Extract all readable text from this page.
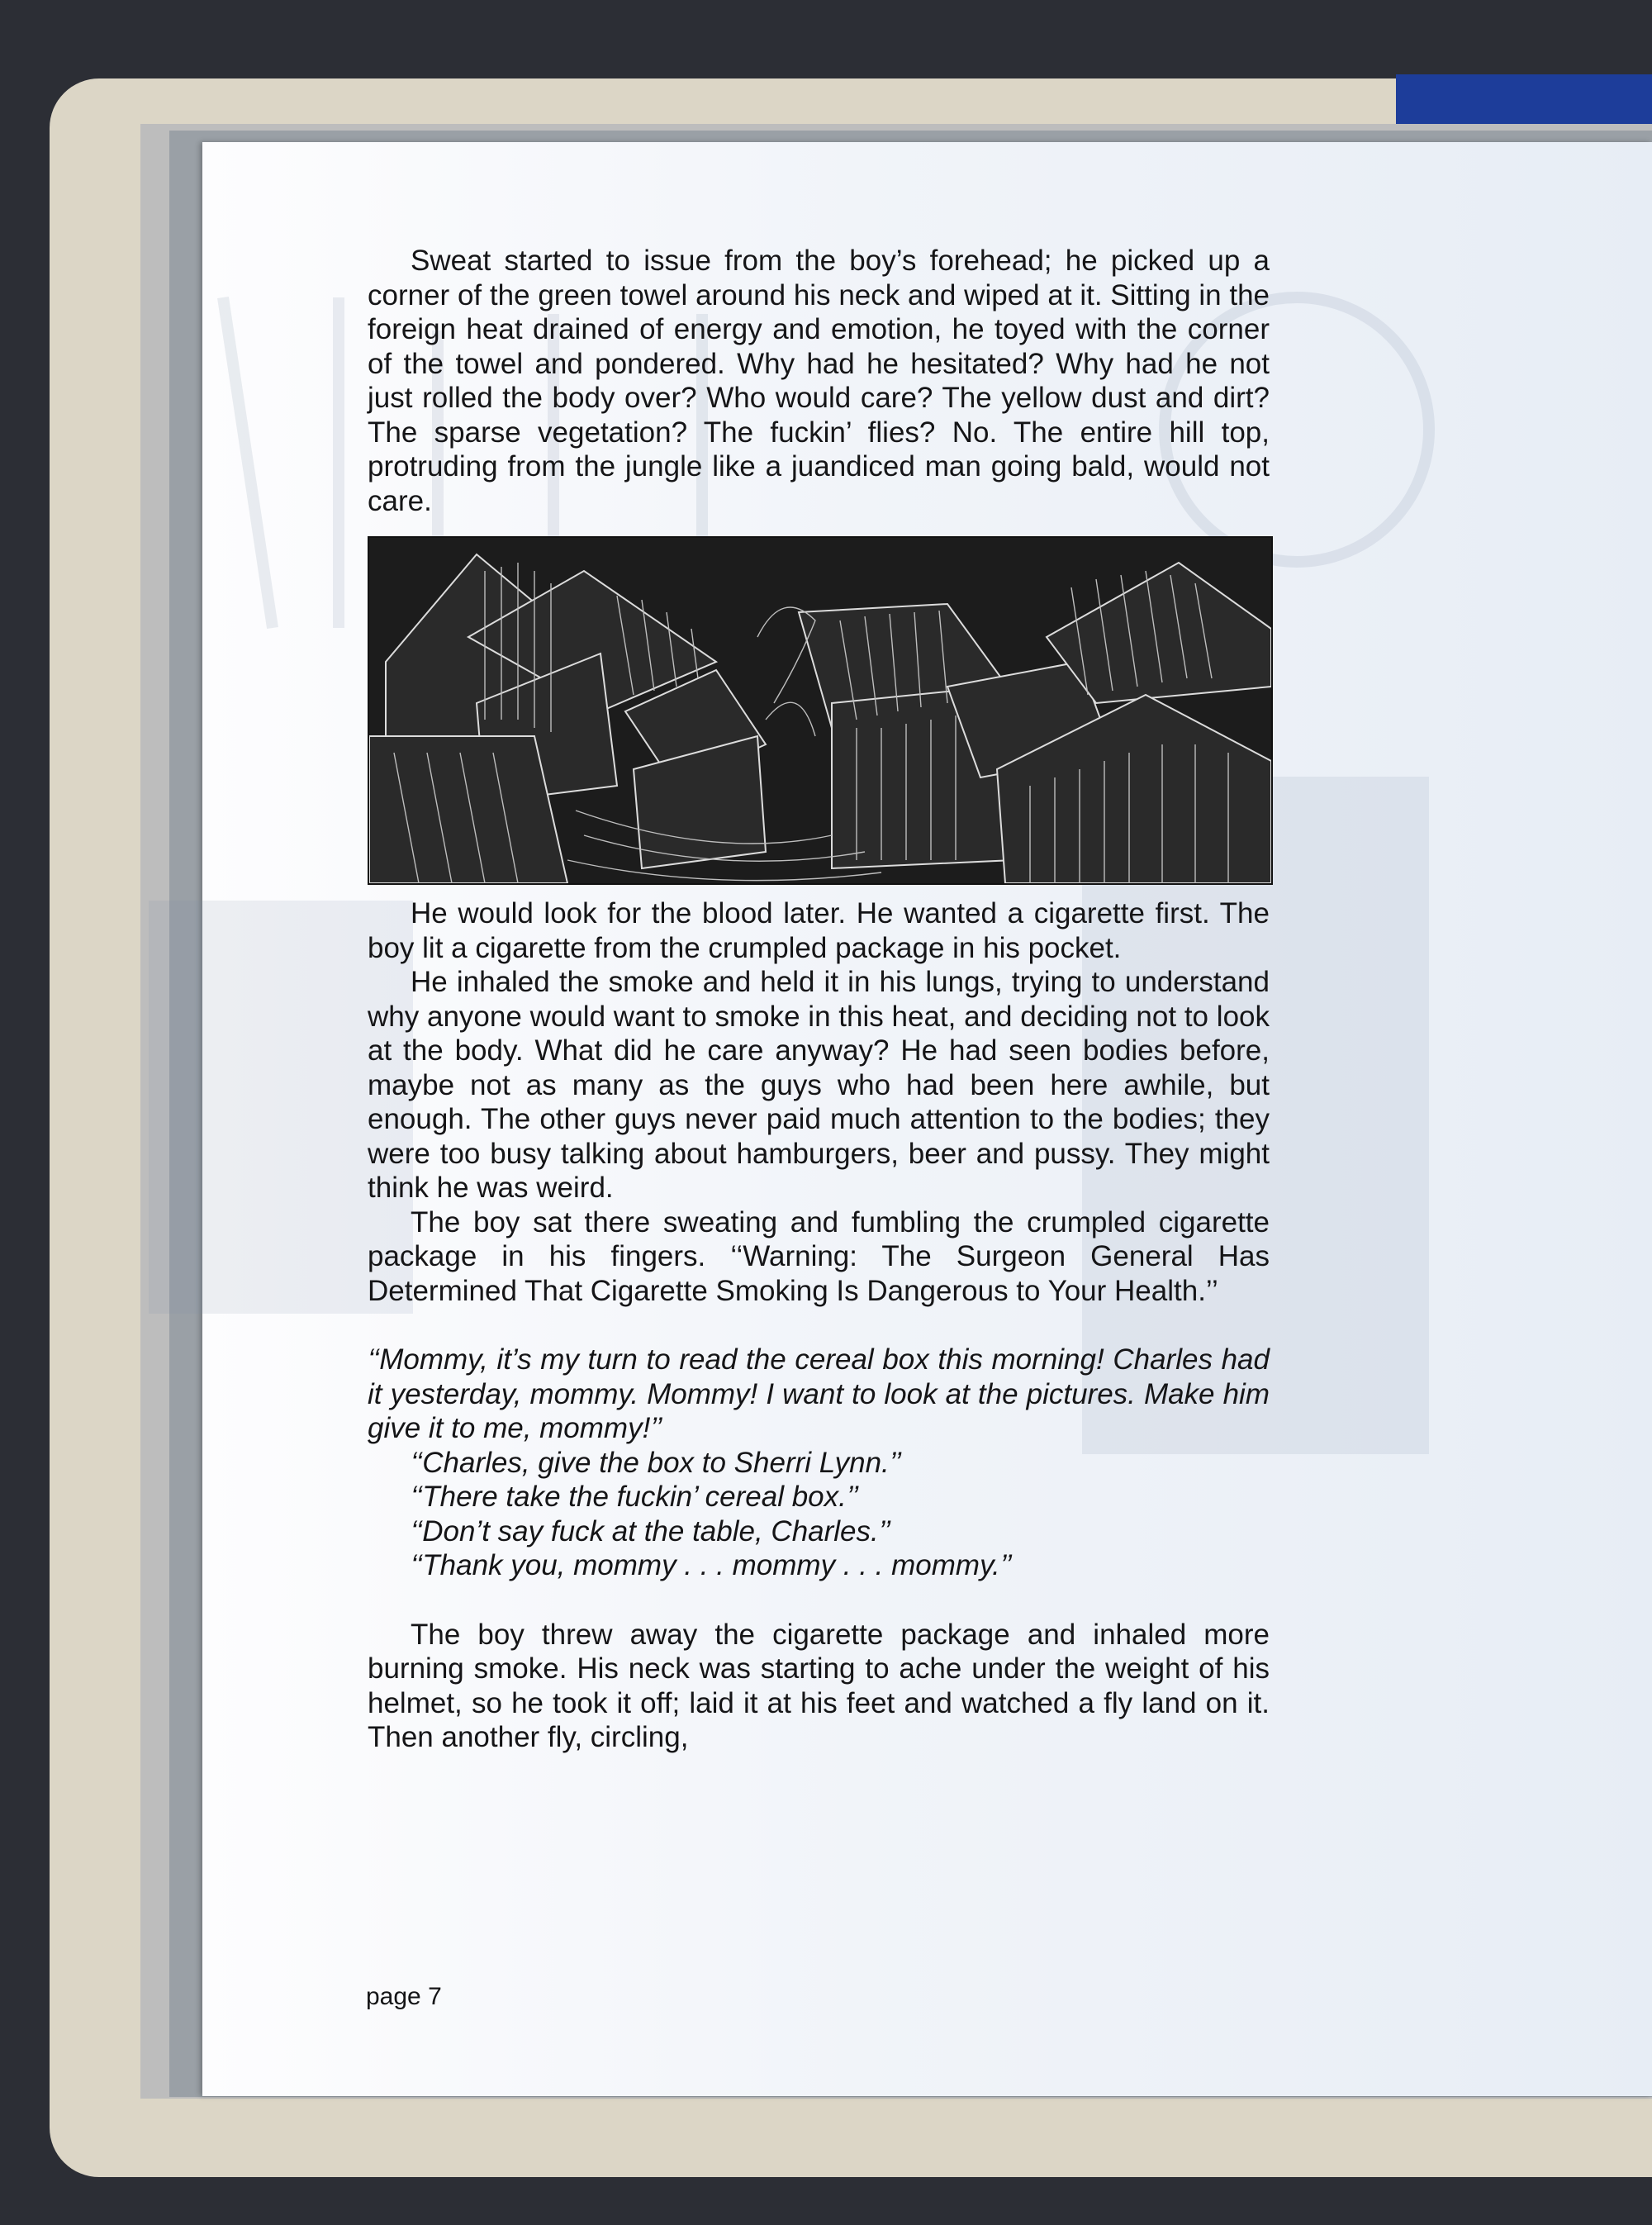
Sweat started to issue from the boy’s forehead; he picked up a corner of the green towel around his neck and wiped at it. Sitting in the foreign heat drained of energy and emotion, he toyed with the corner of the towel and pondered. Why had he hesitated? Why had he not just rolled the body over? Who would care? The yellow dust and dirt? The sparse vegetation? The fuckin’ flies? No. The entire hill top, protruding from the jungle like a juandiced man going bald, would not care.

He would look for the blood later. He wanted a cigarette first. The boy lit a cigarette from the crumpled package in his pocket.

He inhaled the smoke and held it in his lungs, trying to understand why anyone would want to smoke in this heat, and deciding not to look at the body. What did he care anyway? He had seen bodies before, maybe not as many as the guys who had been here awhile, but enough. The other guys never paid much attention to the bodies; they were too busy talking about hamburgers, beer and pussy. They might think he was weird.

The boy sat there sweating and fumbling the crumpled cigarette package in his fingers. ‘‘Warning: The Surgeon General Has Determined That Cigarette Smoking Is Dangerous to Your Health.’’

‘‘Mommy, it’s my turn to read the cereal box this morning! Charles had it yesterday, mommy. Mommy! I want to look at the pictures. Make him give it to me, mommy!’’

‘‘Charles, give the box to Sherri Lynn.’’

‘‘There take the fuckin’ cereal box.’’

‘‘Don’t say fuck at the table, Charles.’’

‘‘Thank you, mommy . . . mommy . . . mommy.’’

The boy threw away the cigarette package and inhaled more burning smoke. His neck was starting to ache under the weight of his helmet, so he took it off; laid it at his feet and watched a fly land on it. Then another fly, circling,

page 7
